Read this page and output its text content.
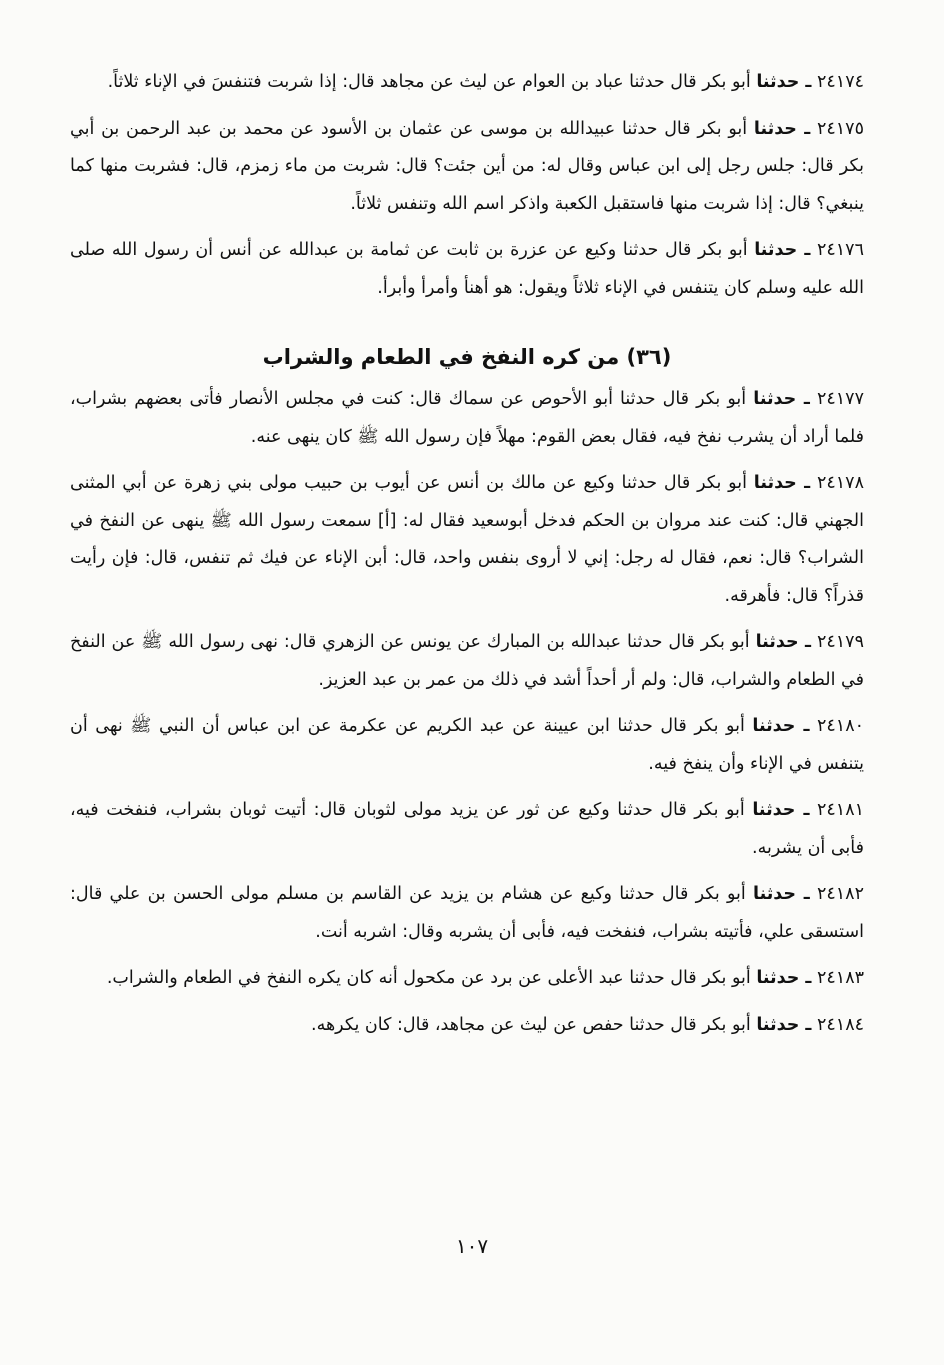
٢٤١٧٤ ـ حدثنا أبو بكر قال حدثنا عباد بن العوام عن ليث عن مجاهد قال: إذا شربت فتنفسَ في الإناء ثلاثاً.

٢٤١٧٥ ـ حدثنا أبو بكر قال حدثنا عبيدالله بن موسى عن عثمان بن الأسود عن محمد بن عبد الرحمن بن أبي بكر قال: جلس رجل إلى ابن عباس وقال له: من أين جئت؟ قال: شربت من ماء زمزم، قال: فشربت منها كما ينبغي؟ قال: إذا شربت منها فاستقبل الكعبة واذكر اسم الله وتنفس ثلاثاً.

٢٤١٧٦ ـ حدثنا أبو بكر قال حدثنا وكيع عن عزرة بن ثابت عن ثمامة بن عبدالله عن أنس أن رسول الله صلى الله عليه وسلم كان يتنفس في الإناء ثلاثاً ويقول: هو أهنأ وأمرأ وأبرأ.

(٣٦) من كره النفخ في الطعام والشراب

٢٤١٧٧ ـ حدثنا أبو بكر قال حدثنا أبو الأحوص عن سماك قال: كنت في مجلس الأنصار فأتى بعضهم بشراب، فلما أراد أن يشرب نفخ فيه، فقال بعض القوم: مهلاً فإن رسول الله ﷺ كان ينهى عنه.

٢٤١٧٨ ـ حدثنا أبو بكر قال حدثنا وكيع عن مالك بن أنس عن أيوب بن حبيب مولى بني زهرة عن أبي المثنى الجهني قال: كنت عند مروان بن الحكم فدخل أبوسعيد فقال له: [أ] سمعت رسول الله ﷺ ينهى عن النفخ في الشراب؟ قال: نعم، فقال له رجل: إني لا أروى بنفس واحد، قال: أبن الإناء عن فيك ثم تنفس، قال: فإن رأيت قذراً؟ قال: فأهرقه.

٢٤١٧٩ ـ حدثنا أبو بكر قال حدثنا عبدالله بن المبارك عن يونس عن الزهري قال: نهى رسول الله ﷺ عن النفخ في الطعام والشراب، قال: ولم أر أحداً أشد في ذلك من عمر بن عبد العزيز.

٢٤١٨٠ ـ حدثنا أبو بكر قال حدثنا ابن عيينة عن عبد الكريم عن عكرمة عن ابن عباس أن النبي ﷺ نهى أن يتنفس في الإناء وأن ينفخ فيه.

٢٤١٨١ ـ حدثنا أبو بكر قال حدثنا وكيع عن ثور عن يزيد مولى لثوبان قال: أتيت ثوبان بشراب، فنفخت فيه، فأبى أن يشربه.

٢٤١٨٢ ـ حدثنا أبو بكر قال حدثنا وكيع عن هشام بن يزيد عن القاسم بن مسلم مولى الحسن بن علي قال: استسقى علي، فأتيته بشراب، فنفخت فيه، فأبى أن يشربه وقال: اشربه أنت.

٢٤١٨٣ ـ حدثنا أبو بكر قال حدثنا عبد الأعلى عن برد عن مكحول أنه كان يكره النفخ في الطعام والشراب.

٢٤١٨٤ ـ حدثنا أبو بكر قال حدثنا حفص عن ليث عن مجاهد، قال: كان يكرهه.

١٠٧
